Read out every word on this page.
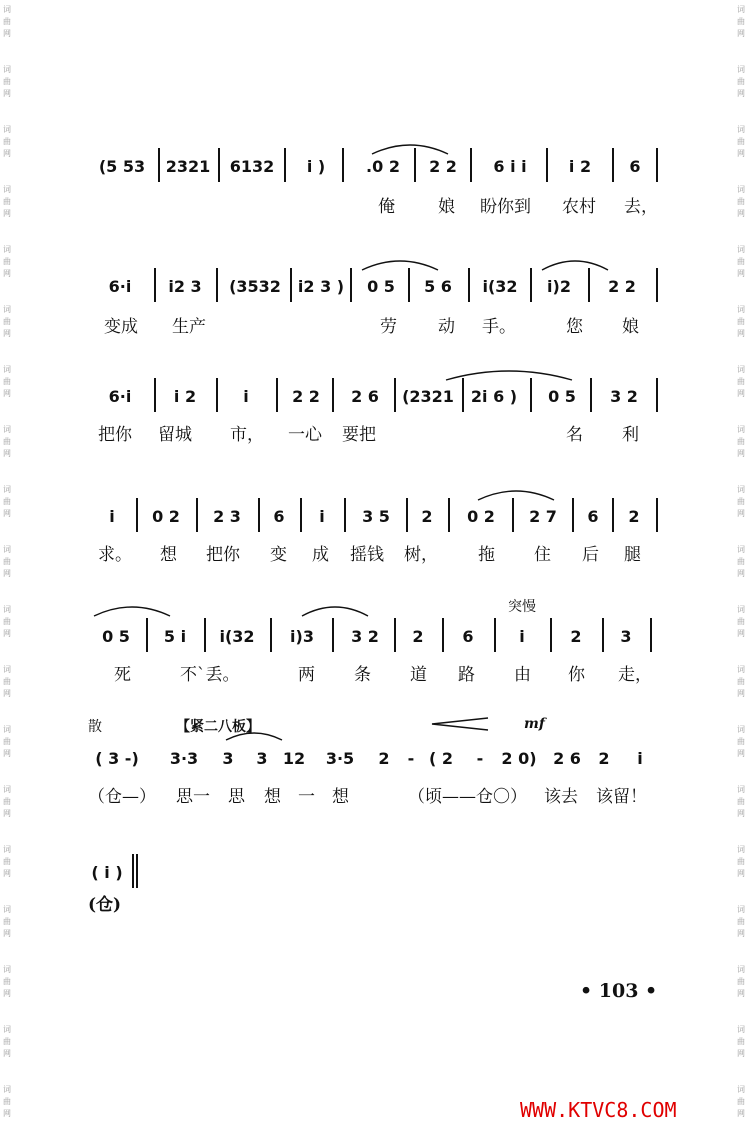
词
曲
网
词
曲
网
词
曲
网
词
曲
网
词
曲
网
词
曲
网
词
曲
网
词
曲
网
词
曲
网
词
曲
网
词
曲
网
词
曲
网
词
曲
网
词
曲
网
词
曲
网
词
曲
网
词
曲
网
词
曲
网
词
曲
网
词
曲
网
词
曲
网
词
曲
网
词
曲
网
词
曲
网
词
曲
网
词
曲
网
词
曲
网
词
曲
网
词
曲
网
词
曲
网
词
曲
网
词
曲
网
词
曲
网
词
曲
网
词
曲
网
词
曲
网
词
曲
网
词
曲
网
(5 53	2321	6132	i )	.0 2	2 2	6 i i	i 2	6
俺	娘 盼你到 农村 去，
6·i	i2 3	(3532	i2 3 )	0 5	5 6	i(32	i)2	2 2
变成 生产	劳 动 手。	您 娘
6·i	i 2	i	2 2	2 6	(2321	2i 6 )	0 5	3 2
把你 留城 市， 一心 要把	名 利
i	0 2	2 3	6	i	3 5	2	0 2	2 7	6	2
求。 想 把你 变 成 摇钱 树， 拖 住 后 腿
突慢
0 5	5 i	i(32	i)3	3 2	2	6	i	2	3
死	不`丢。	两 条 道 路 由 你 走，
散	【紧二八板】	mf
( 3 -)	3·3	3 3 12	3·5	2 - ( 2	-	2 0)	2 6	2	i
（仓—） 思一 思 想 一 想	（顷——仓〇） 该去 该留！
( i )
(仓)
• 103 •
WWW.KTVC8.COM
